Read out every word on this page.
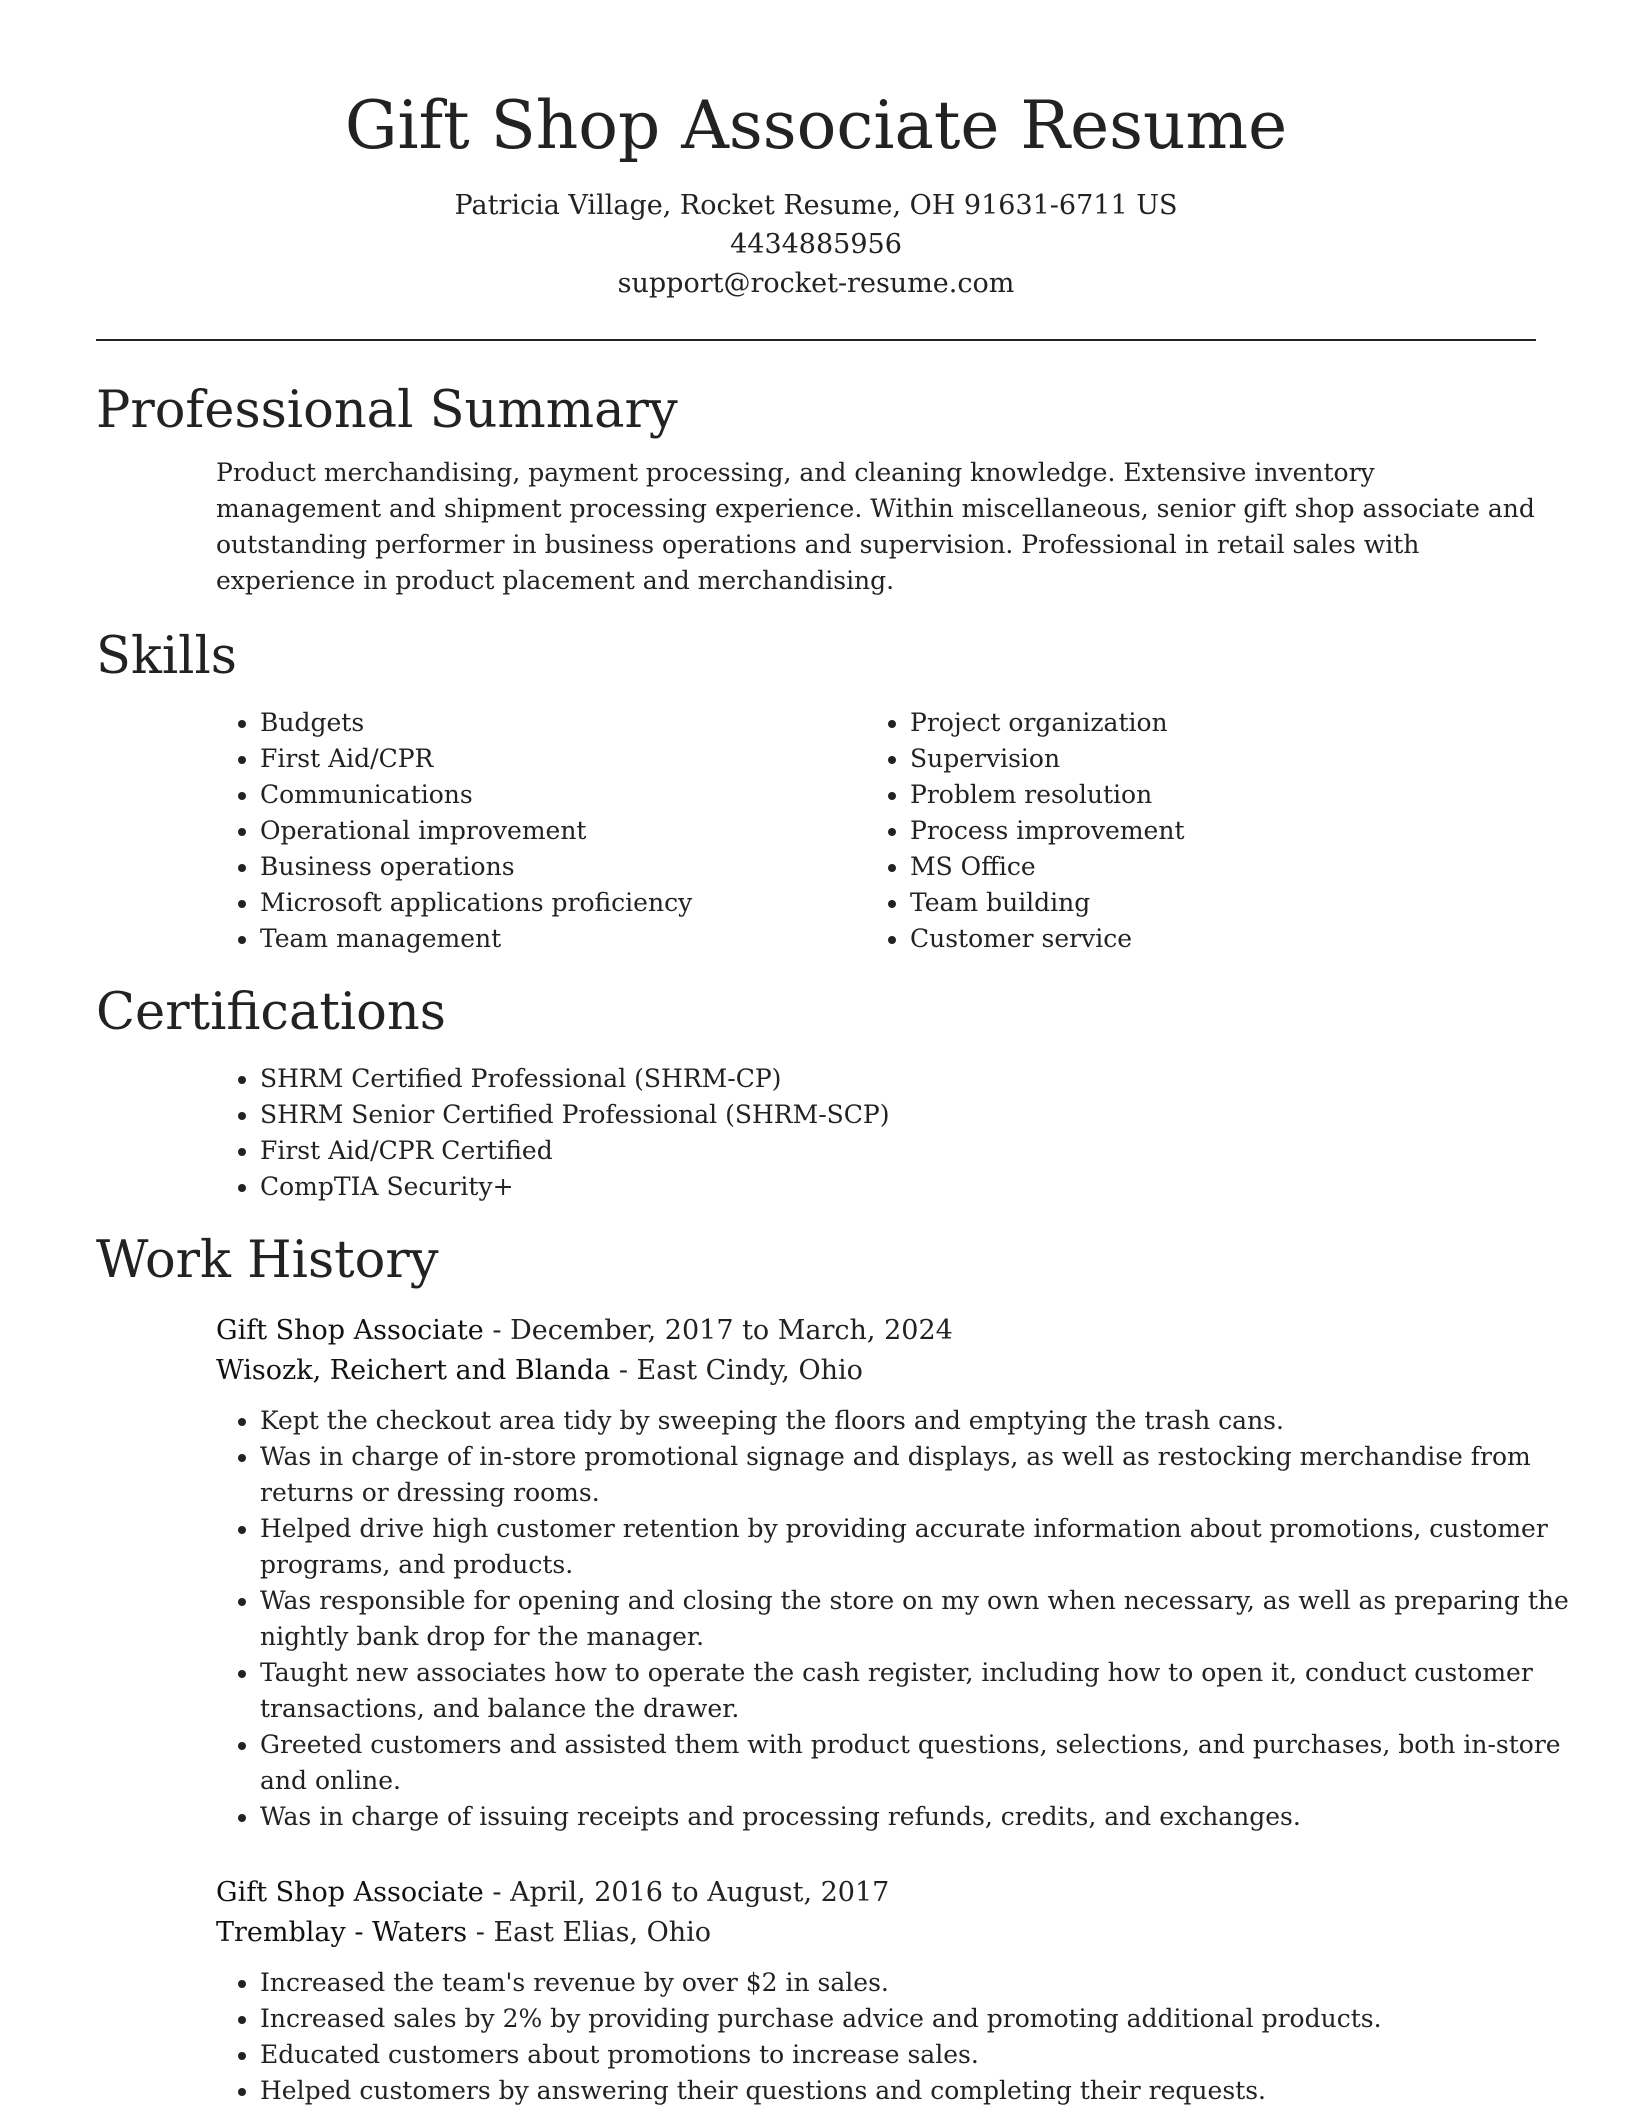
Gift Shop Associate Resume

Patricia Village, Rocket Resume, OH 91631-6711 US

4434885956

support@rocket-resume.com

Professional Summary

Product merchandising, payment processing, and cleaning knowledge. Extensive inventory management and shipment processing experience. Within miscellaneous, senior gift shop associate and outstanding performer in business operations and supervision. Professional in retail sales with experience in product placement and merchandising.

Skills
• Budgets
• First Aid/CPR
• Communications
• Operational improvement
• Business operations
• Microsoft applications proficiency
• Team management
• Project organization
• Supervision
• Problem resolution
• Process improvement
• MS Office
• Team building
• Customer service
Certifications
• SHRM Certified Professional (SHRM-CP)
• SHRM Senior Certified Professional (SHRM-SCP)
• First Aid/CPR Certified
• CompTIA Security+
Work History

Gift Shop Associate - December, 2017 to March, 2024

Wisozk, Reichert and Blanda - East Cindy, Ohio

• Kept the checkout area tidy by sweeping the floors and emptying the trash cans.
• Was in charge of in-store promotional signage and displays, as well as restocking merchandise from returns or dressing rooms.
• Helped drive high customer retention by providing accurate information about promotions, customer programs, and products.
• Was responsible for opening and closing the store on my own when necessary, as well as preparing the nightly bank drop for the manager.
• Taught new associates how to operate the cash register, including how to open it, conduct customer transactions, and balance the drawer.
• Greeted customers and assisted them with product questions, selections, and purchases, both in-store and online.
• Was in charge of issuing receipts and processing refunds, credits, and exchanges.

Gift Shop Associate - April, 2016 to August, 2017

Tremblay - Waters - East Elias, Ohio

• Increased the team's revenue by over $2 in sales.
• Increased sales by 2% by providing purchase advice and promoting additional products.
• Educated customers about promotions to increase sales.
• Helped customers by answering their questions and completing their requests.
